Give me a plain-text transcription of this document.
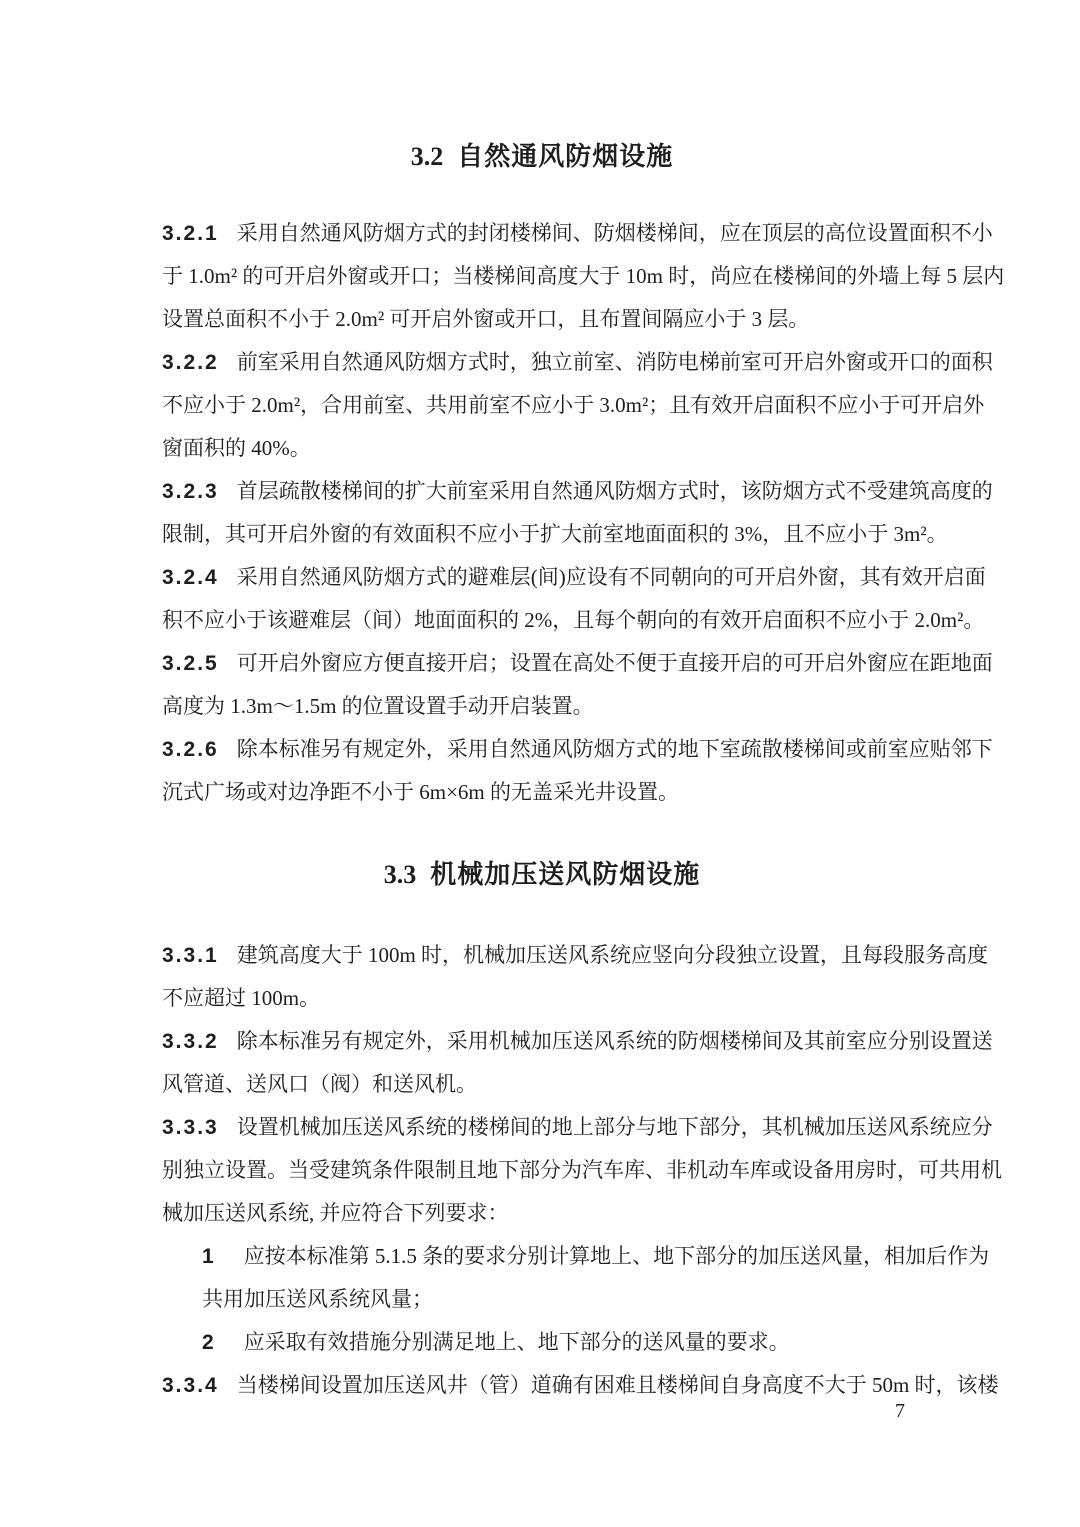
3.2 自然通风防烟设施
3.2.1 采用自然通风防烟方式的封闭楼梯间、防烟楼梯间，应在顶层的高位设置面积不小
于 1.0m² 的可开启外窗或开口；当楼梯间高度大于 10m 时，尚应在楼梯间的外墙上每 5 层内
设置总面积不小于 2.0m² 可开启外窗或开口，且布置间隔应小于 3 层。
3.2.2 前室采用自然通风防烟方式时，独立前室、消防电梯前室可开启外窗或开口的面积
不应小于 2.0m²，合用前室、共用前室不应小于 3.0m²；且有效开启面积不应小于可开启外
窗面积的 40%。
3.2.3 首层疏散楼梯间的扩大前室采用自然通风防烟方式时，该防烟方式不受建筑高度的
限制，其可开启外窗的有效面积不应小于扩大前室地面面积的 3%，且不应小于 3m²。
3.2.4 采用自然通风防烟方式的避难层(间)应设有不同朝向的可开启外窗，其有效开启面
积不应小于该避难层（间）地面面积的 2%，且每个朝向的有效开启面积不应小于 2.0m²。
3.2.5 可开启外窗应方便直接开启；设置在高处不便于直接开启的可开启外窗应在距地面
高度为 1.3m～1.5m 的位置设置手动开启装置。
3.2.6 除本标准另有规定外，采用自然通风防烟方式的地下室疏散楼梯间或前室应贴邻下
沉式广场或对边净距不小于 6m×6m 的无盖采光井设置。
3.3 机械加压送风防烟设施
3.3.1 建筑高度大于 100m 时，机械加压送风系统应竖向分段独立设置，且每段服务高度
不应超过 100m。
3.3.2 除本标准另有规定外，采用机械加压送风系统的防烟楼梯间及其前室应分别设置送
风管道、送风口（阀）和送风机。
3.3.3 设置机械加压送风系统的楼梯间的地上部分与地下部分，其机械加压送风系统应分
别独立设置。当受建筑条件限制且地下部分为汽车库、非机动车库或设备用房时，可共用机
械加压送风系统, 并应符合下列要求：
1 应按本标准第 5.1.5 条的要求分别计算地上、地下部分的加压送风量，相加后作为
共用加压送风系统风量；
2 应采取有效措施分别满足地上、地下部分的送风量的要求。
3.3.4 当楼梯间设置加压送风井（管）道确有困难且楼梯间自身高度不大于 50m 时，该楼
7
